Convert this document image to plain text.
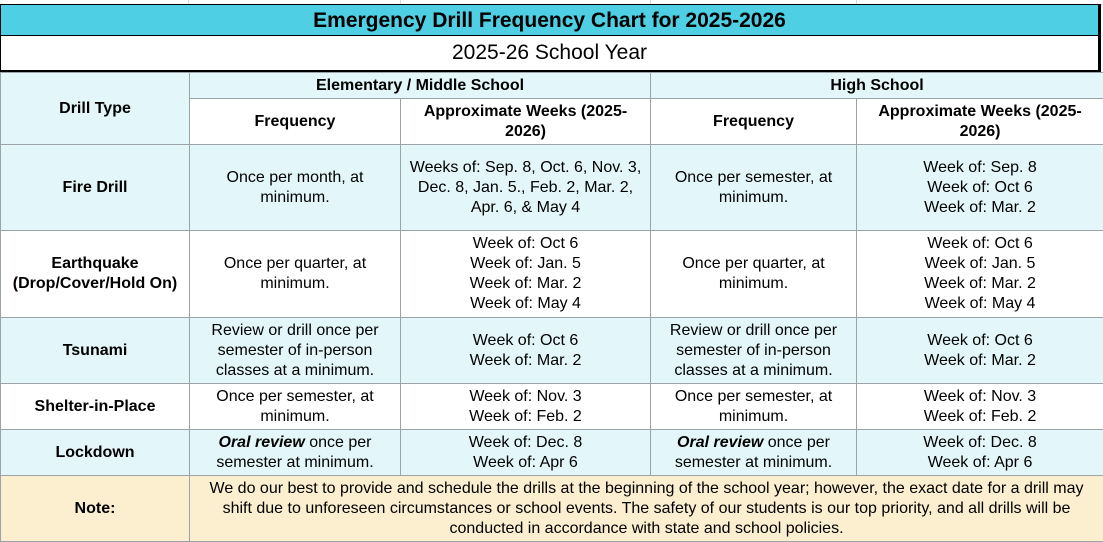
Emergency Drill Frequency Chart for 2025-2026
2025-26 School Year
Drill Type	Elementary / Middle School		High School	
	Frequency	Approximate Weeks (2025-2026)	Frequency	Approximate Weeks (2025-2026)
Fire Drill	Once per month, at minimum.	Weeks of: Sep. 8, Oct. 6, Nov. 3, Dec. 8, Jan. 5., Feb. 2, Mar. 2, Apr. 6, & May 4	Once per semester, at minimum.	Week of: Sep. 8
Week of: Oct 6
Week of: Mar. 2

Earthquake (Drop/Cover/Hold On)	Once per quarter, at minimum.	Week of: Oct 6
Week of: Jan. 5
Week of: Mar. 2
Week of: May 4	Once per quarter, at minimum.	Week of: Oct 6
Week of: Jan. 5
Week of: Mar. 2
Week of: May 4

Tsunami	Review or drill once per semester of in-person classes at a minimum.	Week of: Oct 6
Week of: Mar. 2	Review or drill once per semester of in-person classes at a minimum.	Week of: Oct 6
Week of: Mar. 2

Shelter-in-Place	Once per semester, at minimum.	Week of: Nov. 3
Week of: Feb. 2	Once per semester, at minimum.	Week of: Nov. 3
Week of: Feb. 2

Lockdown	Oral review once per semester at minimum.	Week of: Dec. 8
Week of: Apr 6	Oral review once per semester at minimum.	Week of: Dec. 8
Week of: Apr 6

Note:	We do our best to provide and schedule the drills at the beginning of the school year; however, the exact date for a drill may shift due to unforeseen circumstances or school events. The safety of our students is our top priority, and all drills will be conducted in accordance with state and school policies.			
